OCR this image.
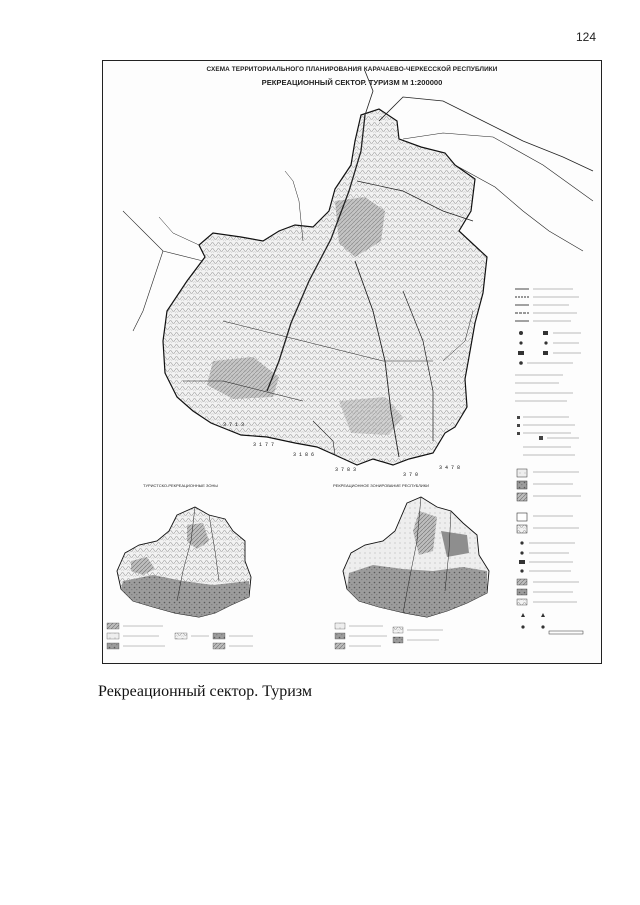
124
СХЕМА ТЕРРИТОРИАЛЬНОГО ПЛАНИРОВАНИЯ КАРАЧАЕВО-ЧЕРКЕССКОЙ РЕСПУБЛИКИ
РЕКРЕАЦИОННЫЙ СЕКТОР. ТУРИЗМ М 1:200000
3 7 1 3
3 1 7 7
3 1 8 6
3 7 8 3
3 7 0
3 4 7 8
ТУРИСТСКО-РЕКРЕАЦИОННЫЕ ЗОНЫ	РЕКРЕАЦИОННОЕ ЗОНИРОВАНИЕ РЕСПУБЛИКИ
Рекреационный сектор. Туризм
